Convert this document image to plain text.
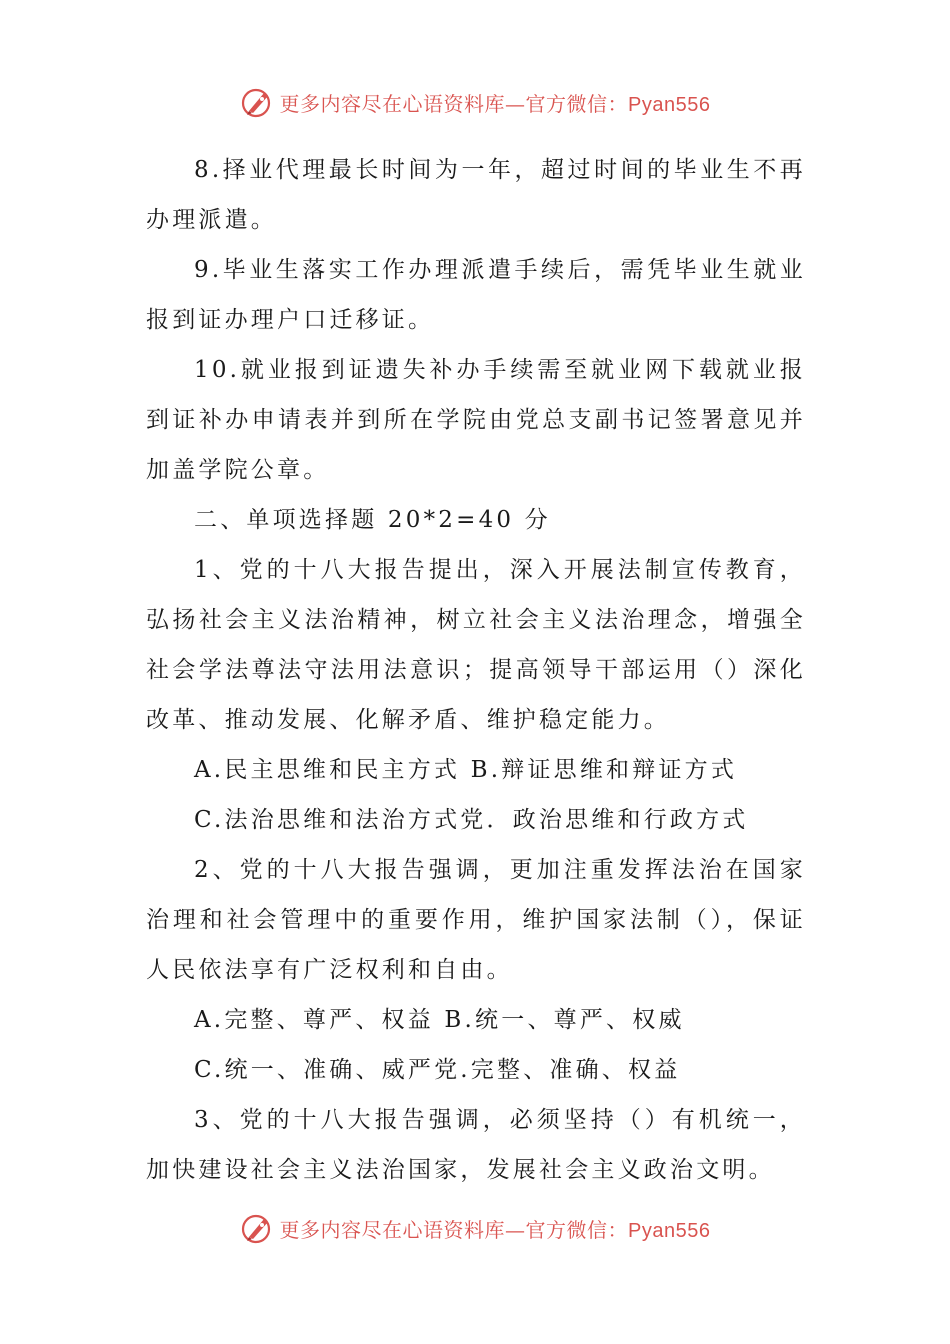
更多内容尽在心语资料库—官方微信：Pyan556

8.择业代理最长时间为一年，超过时间的毕业生不再办理派遣。

9.毕业生落实工作办理派遣手续后，需凭毕业生就业报到证办理户口迁移证。

10.就业报到证遗失补办手续需至就业网下载就业报到证补办申请表并到所在学院由党总支副书记签署意见并加盖学院公章。

二、单项选择题 20*2=40 分

1、党的十八大报告提出，深入开展法制宣传教育，弘扬社会主义法治精神，树立社会主义法治理念，增强全社会学法尊法守法用法意识；提高领导干部运用（）深化改革、推动发展、化解矛盾、维护稳定能力。

A.民主思维和民主方式 B.辩证思维和辩证方式

C.法治思维和法治方式党．政治思维和行政方式

2、党的十八大报告强调，更加注重发挥法治在国家治理和社会管理中的重要作用，维护国家法制（），保证人民依法享有广泛权利和自由。

A.完整、尊严、权益 B.统一、尊严、权威

C.统一、准确、威严党.完整、准确、权益

3、党的十八大报告强调，必须坚持（）有机统一，加快建设社会主义法治国家，发展社会主义政治文明。

更多内容尽在心语资料库—官方微信：Pyan556
